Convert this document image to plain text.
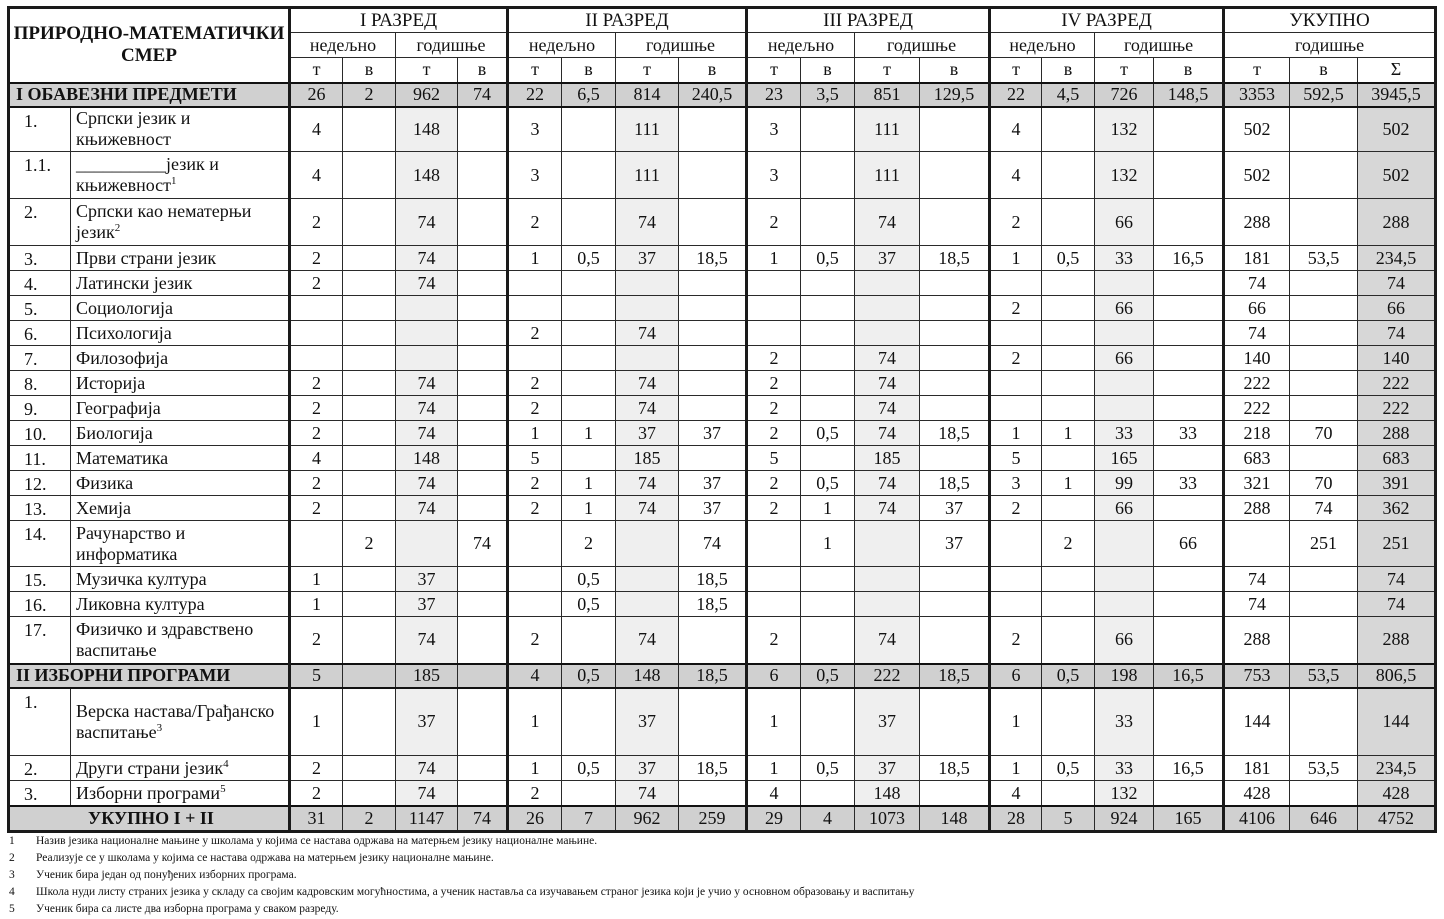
ПРИРОДНО-МАТЕМАТИЧКИ СМЕР		I РАЗРЕД				II РАЗРЕД				III РАЗРЕД				IV РАЗРЕД				УКУПНО		
		недељно		годишње		недељно		годишње		недељно		годишње		недељно		годишње		годишње		
		т	в	т	в	т	в	т	в	т	в	т	в	т	в	т	в	т	в	Σ
I ОБАВЕЗНИ ПРЕДМЕТИ		26	2	962	74	22	6,5	814	240,5	23	3,5	851	129,5	22	4,5	726	148,5	3353	592,5	3945,5
1.	Српски језик и књижевност	4		148		3		111		3		111		4		132		502		502
1.1.	__________језик и књижевност$^1$	4		148		3		111		3		111		4		132		502		502
2.	Српски као нематерњи језик$^2$	2		74		2		74		2		74		2		66		288		288
3.	Први страни језик	2		74		1	0,5	37	18,5	1	0,5	37	18,5	1	0,5	33	16,5	181	53,5	234,5
4.	Латински језик	2		74														74		74
5.	Социологија													2		66		66		66
6.	Психологија					2		74										74		74
7.	Филозофија									2		74		2		66		140		140
8.	Историја	2		74		2		74		2		74						222		222
9.	Географија	2		74		2		74		2		74						222		222
10.	Биологија	2		74		1	1	37	37	2	0,5	74	18,5	1	1	33	33	218	70	288
11.	Математика	4		148		5		185		5		185		5		165		683		683
12.	Физика	2		74		2	1	74	37	2	0,5	74	18,5	3	1	99	33	321	70	391
13.	Хемија	2		74		2	1	74	37	2	1	74	37	2		66		288	74	362
14.	Рачунарство и информатика		2		74		2		74		1		37		2		66		251	251
15.	Музичка култура	1		37			0,5		18,5									74		74
16.	Ликовна култура	1		37			0,5		18,5									74		74
17.	Физичко и здравствено васпитање	2		74		2		74		2		74		2		66		288		288
II ИЗБОРНИ ПРОГРАМИ		5		185		4	0,5	148	18,5	6	0,5	222	18,5	6	0,5	198	16,5	753	53,5	806,5
1.	Верска настава/Грађанско васпитање$^3$	1		37		1		37		1		37		1		33		144		144
2.	Други страни језик$^4$	2		74		1	0,5	37	18,5	1	0,5	37	18,5	1	0,5	33	16,5	181	53,5	234,5
3.	Изборни програми$^5$	2		74		2		74		4		148		4		132		428		428
УКУПНО I + II		31	2	1147	74	26	7	962	259	29	4	1073	148	28	5	924	165	4106	646	4752
1 Назив језика националне мањине у школама у којима се настава одржава на матерњем језику националне мањине.
2 Реализује се у школама у којима се настава одржава на матерњем језику националне мањине.
3 Ученик бира један од понуђених изборних програма.
4 Школа нуди листу страних језика у складу са својим кадровским могућностима, а ученик наставља са изучавањем страног језика који је учио у основном образовању и васпитању
5 Ученик бира са листе два изборна програма у сваком разреду.
